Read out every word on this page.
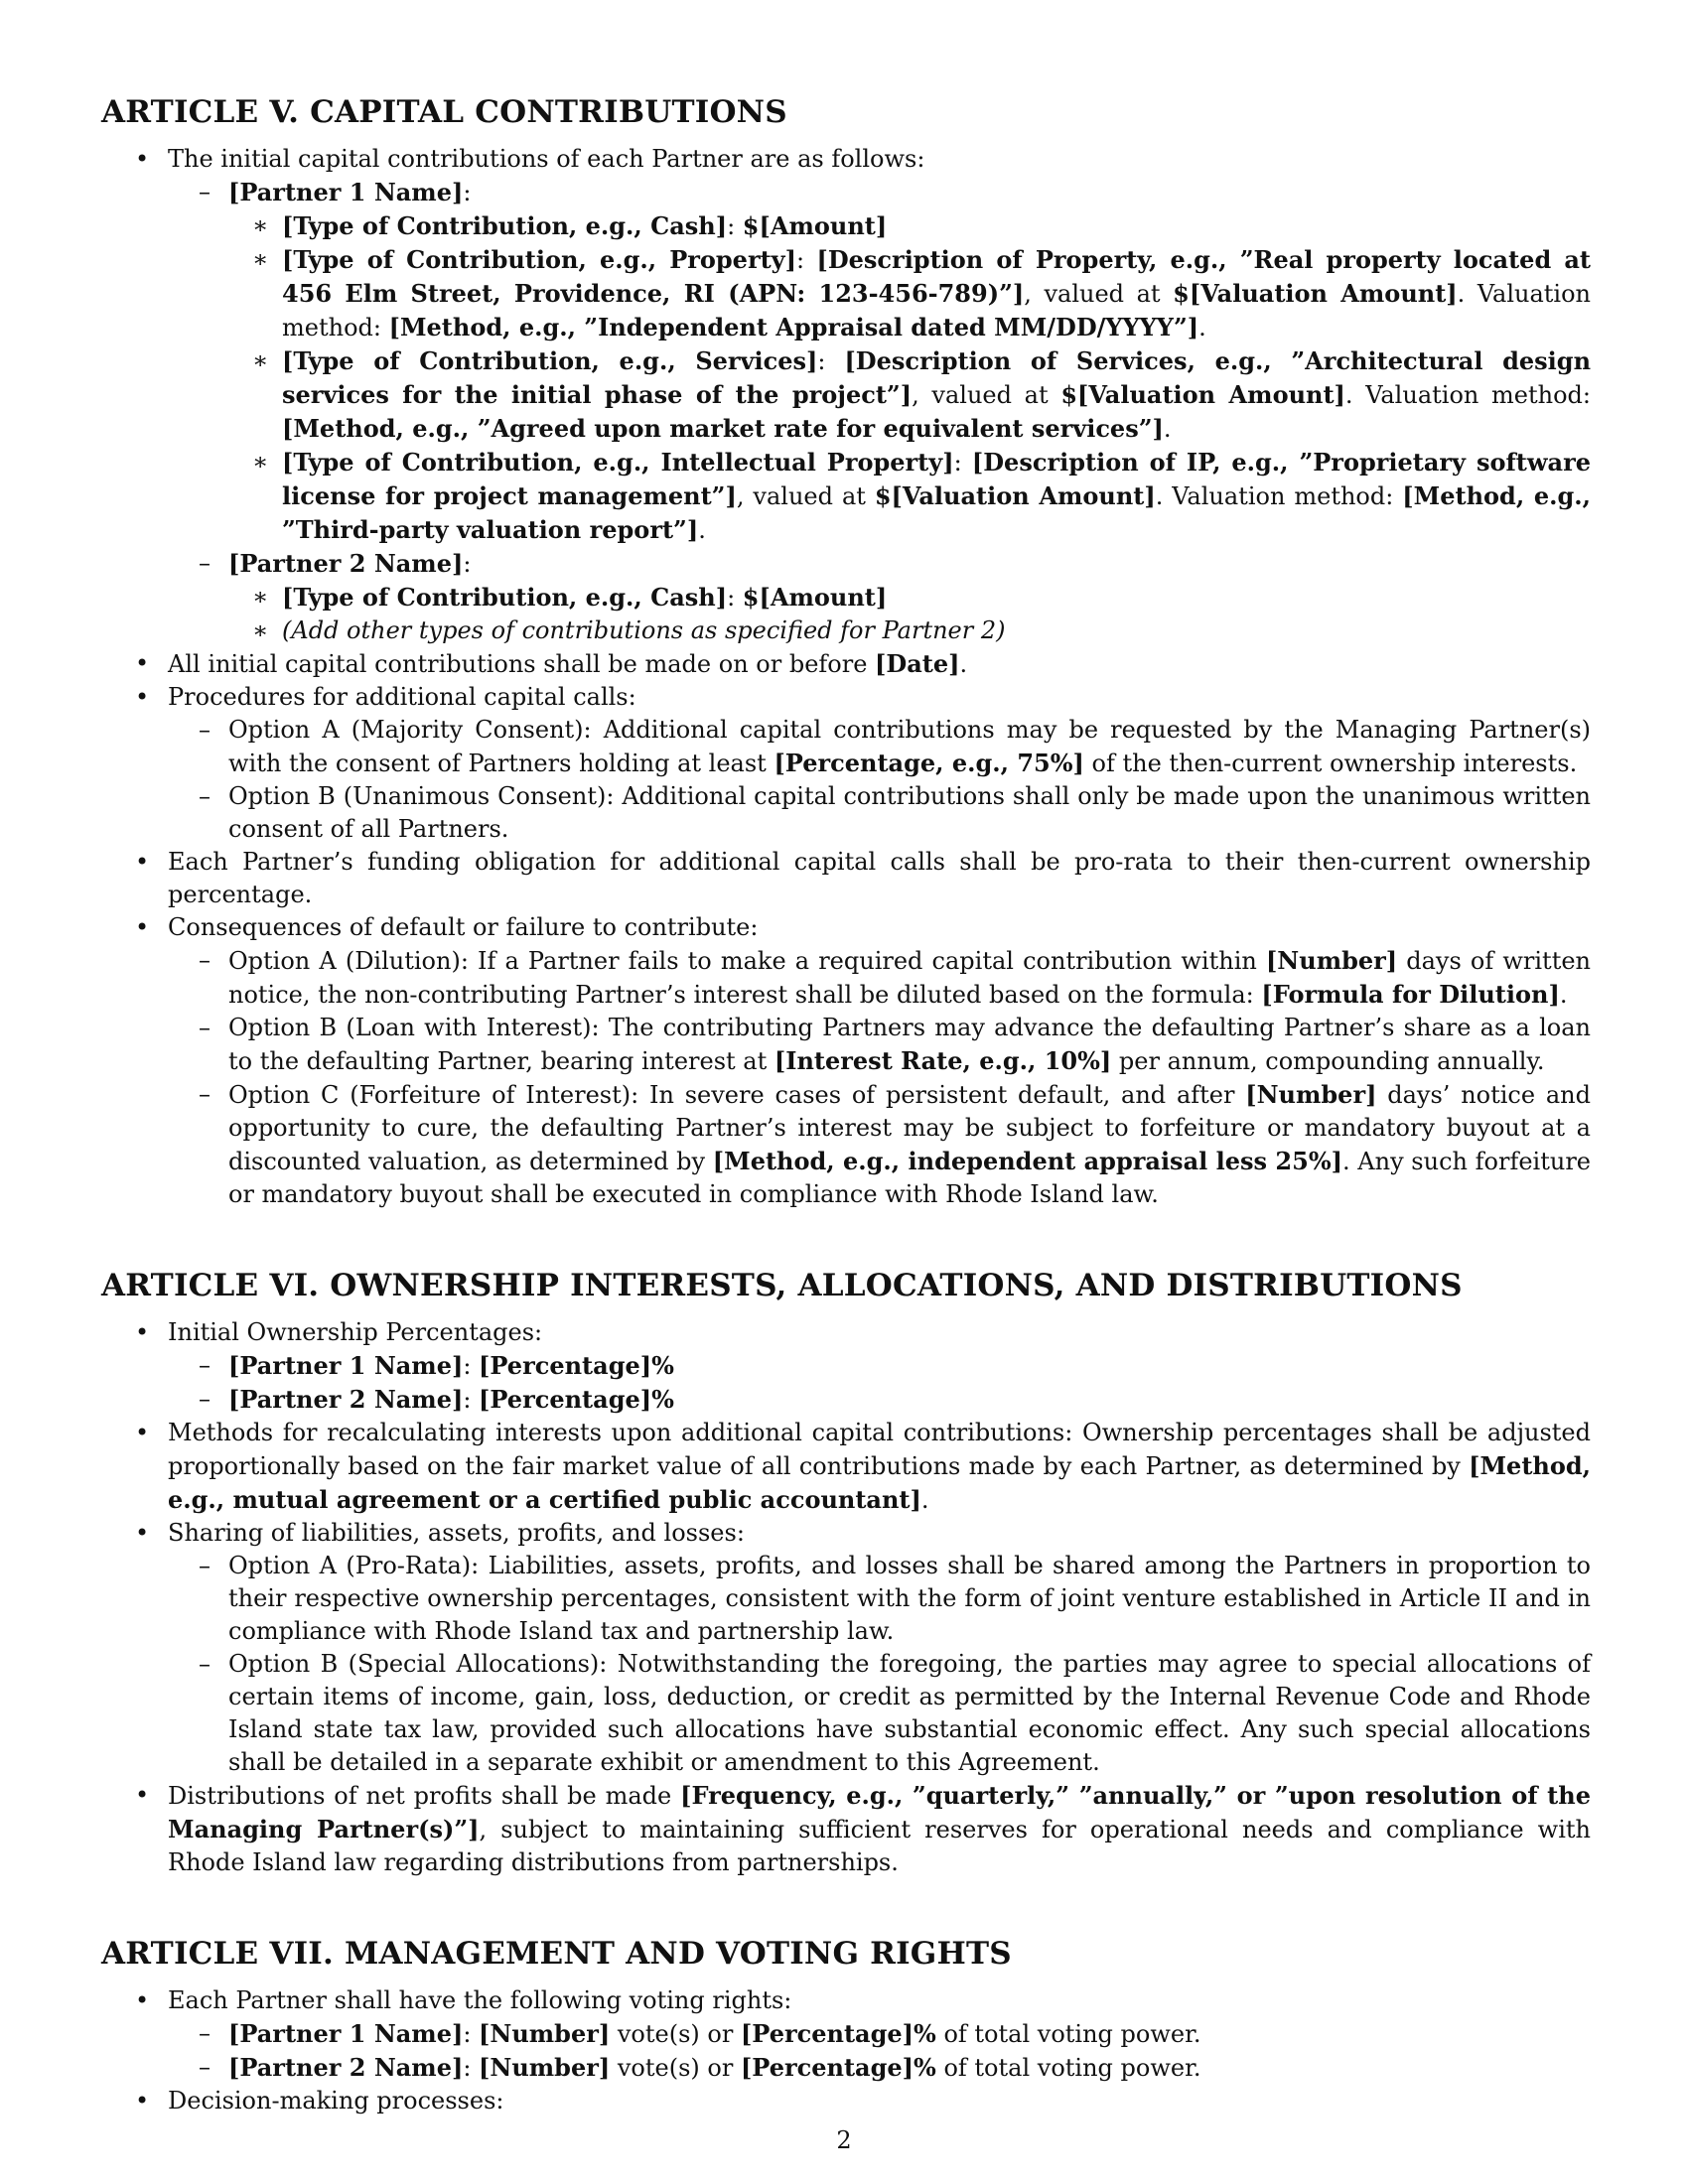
ARTICLE V. CAPITAL CONTRIBUTIONS
• The initial capital contributions of each Partner are as follows:
– [Partner 1 Name]:
∗ [Type of Contribution, e.g., Cash]: $[Amount]
∗ [Type of Contribution, e.g., Property]: [Description of Property, e.g., ”Real property located at 456 Elm Street, Providence, RI (APN: 123-456-789)”], valued at $[Valuation Amount]. Valuation method: [Method, e.g., ”Independent Appraisal dated MM/DD/YYYY”].
∗ [Type of Contribution, e.g., Services]: [Description of Services, e.g., ”Architectural design services for the initial phase of the project”], valued at $[Valuation Amount]. Valuation method: [Method, e.g., ”Agreed upon market rate for equivalent services”].
∗ [Type of Contribution, e.g., Intellectual Property]: [Description of IP, e.g., ”Proprietary software license for project management”], valued at $[Valuation Amount]. Valuation method: [Method, e.g., ”Third-party valuation report”].
– [Partner 2 Name]:
∗ [Type of Contribution, e.g., Cash]: $[Amount]
∗ (Add other types of contributions as specified for Partner 2)
• All initial capital contributions shall be made on or before [Date].
• Procedures for additional capital calls:
– Option A (Majority Consent): Additional capital contributions may be requested by the Managing Partner(s) with the consent of Partners holding at least [Percentage, e.g., 75%] of the then-current ownership interests.
– Option B (Unanimous Consent): Additional capital contributions shall only be made upon the unanimous written consent of all Partners.
• Each Partner’s funding obligation for additional capital calls shall be pro-rata to their then-current ownership percentage.
• Consequences of default or failure to contribute:
– Option A (Dilution): If a Partner fails to make a required capital contribution within [Number] days of written notice, the non-contributing Partner’s interest shall be diluted based on the formula: [Formula for Dilution].
– Option B (Loan with Interest): The contributing Partners may advance the defaulting Partner’s share as a loan to the defaulting Partner, bearing interest at [Interest Rate, e.g., 10%] per annum, compounding annually.
– Option C (Forfeiture of Interest): In severe cases of persistent default, and after [Number] days’ notice and opportunity to cure, the defaulting Partner’s interest may be subject to forfeiture or mandatory buyout at a discounted valuation, as determined by [Method, e.g., independent appraisal less 25%]. Any such forfeiture or mandatory buyout shall be executed in compliance with Rhode Island law.
ARTICLE VI. OWNERSHIP INTERESTS, ALLOCATIONS, AND DISTRIBUTIONS
• Initial Ownership Percentages:
– [Partner 1 Name]: [Percentage]%
– [Partner 2 Name]: [Percentage]%
• Methods for recalculating interests upon additional capital contributions: Ownership percentages shall be adjusted proportionally based on the fair market value of all contributions made by each Partner, as determined by [Method, e.g., mutual agreement or a certified public accountant].
• Sharing of liabilities, assets, profits, and losses:
– Option A (Pro-Rata): Liabilities, assets, profits, and losses shall be shared among the Partners in proportion to their respective ownership percentages, consistent with the form of joint venture established in Article II and in compliance with Rhode Island tax and partnership law.
– Option B (Special Allocations): Notwithstanding the foregoing, the parties may agree to special allocations of certain items of income, gain, loss, deduction, or credit as permitted by the Internal Revenue Code and Rhode Island state tax law, provided such allocations have substantial economic effect. Any such special allocations shall be detailed in a separate exhibit or amendment to this Agreement.
• Distributions of net profits shall be made [Frequency, e.g., ”quarterly,” ”annually,” or ”upon resolution of the Managing Partner(s)”], subject to maintaining sufficient reserves for operational needs and compliance with Rhode Island law regarding distributions from partnerships.
ARTICLE VII. MANAGEMENT AND VOTING RIGHTS
• Each Partner shall have the following voting rights:
– [Partner 1 Name]: [Number] vote(s) or [Percentage]% of total voting power.
– [Partner 2 Name]: [Number] vote(s) or [Percentage]% of total voting power.
• Decision-making processes:
2
